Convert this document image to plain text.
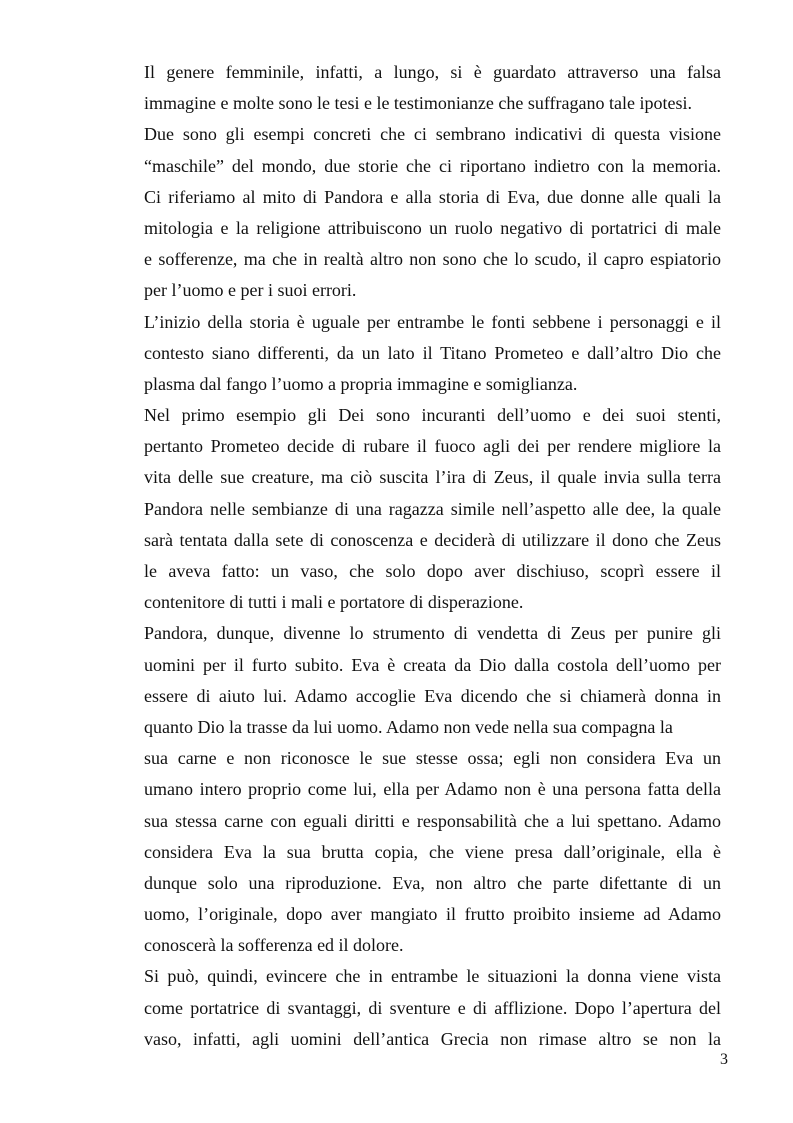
Il genere femminile, infatti, a lungo, si è guardato attraverso una falsa
immagine e molte sono le tesi e le testimonianze che suffragano tale ipotesi.
Due sono gli esempi concreti che ci sembrano indicativi di questa visione
“maschile” del mondo, due storie che ci riportano indietro con la memoria.
Ci riferiamo al mito di Pandora e alla storia di Eva, due donne alle quali la
mitologia e la religione attribuiscono un ruolo negativo di portatrici di male
e sofferenze, ma che in realtà altro non sono che lo scudo, il capro espiatorio
per l’uomo e per i suoi errori.
L’inizio della storia è uguale per entrambe le fonti sebbene i personaggi e il
contesto siano differenti, da un lato il Titano Prometeo e dall’altro Dio che
plasma dal fango l’uomo a propria immagine e somiglianza.
Nel primo esempio gli Dei sono incuranti dell’uomo e dei suoi stenti,
pertanto Prometeo decide di rubare il fuoco agli dei per rendere migliore la
vita delle sue creature, ma ciò suscita l’ira di Zeus, il quale invia sulla terra
Pandora nelle sembianze di una ragazza simile nell’aspetto alle dee, la quale
sarà tentata dalla sete di conoscenza e deciderà di utilizzare il dono che Zeus
le aveva fatto: un vaso, che solo dopo aver dischiuso, scoprì essere il
contenitore di tutti i mali e portatore di disperazione.
Pandora, dunque, divenne lo strumento di vendetta di Zeus per punire gli
uomini per il furto subito. Eva è creata da Dio dalla costola dell’uomo per
essere di aiuto lui. Adamo accoglie Eva dicendo che si chiamerà donna in
quanto Dio la trasse da lui uomo. Adamo non vede nella sua compagna la
sua carne e non riconosce le sue stesse ossa; egli non considera Eva un
umano intero proprio come lui, ella per Adamo non è una persona fatta della
sua stessa carne con eguali diritti e responsabilità che a lui spettano. Adamo
considera Eva la sua brutta copia, che viene presa dall’originale, ella è
dunque solo una riproduzione. Eva, non altro che parte difettante di un
uomo, l’originale, dopo aver mangiato il frutto proibito insieme ad Adamo
conoscerà la sofferenza ed il dolore.
Si può, quindi, evincere che in entrambe le situazioni la donna viene vista
come portatrice di svantaggi, di sventure e di afflizione. Dopo l’apertura del
vaso, infatti, agli uomini dell’antica Grecia non rimase altro se non la
3
